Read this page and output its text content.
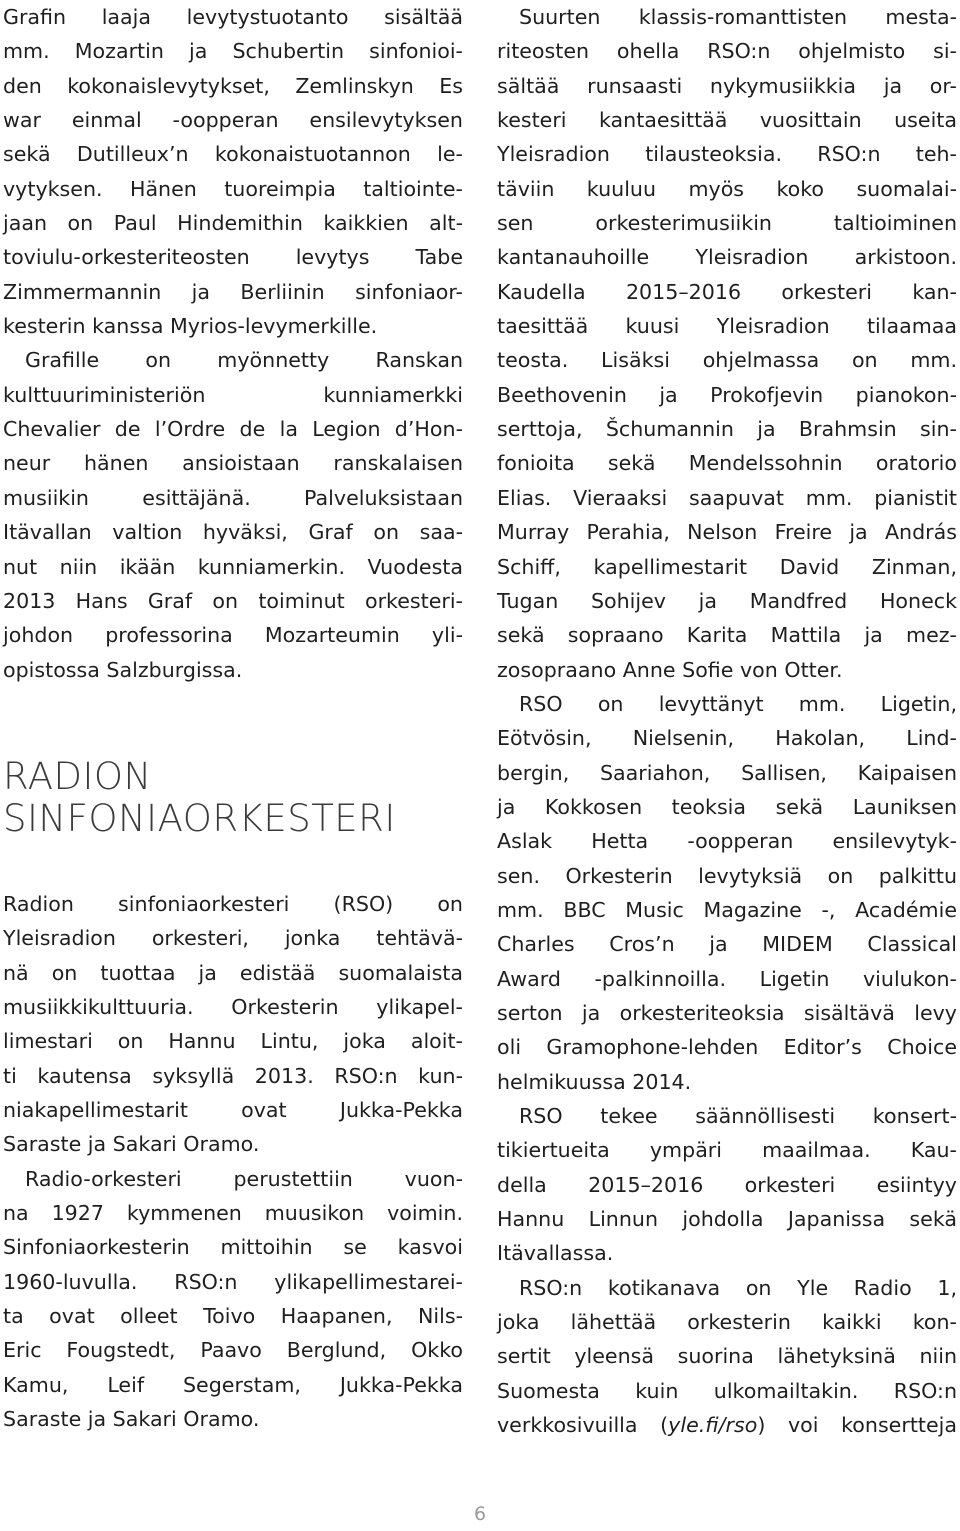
Grafin laaja levytystuotanto sisältää
mm. Mozartin ja Schubertin sinfonioi-
den kokonaislevytykset, Zemlinskyn Es
war einmal -oopperan ensilevytyksen
sekä Dutilleux’n kokonaistuotannon le-
vytyksen. Hänen tuoreimpia taltiointe-
jaan on Paul Hindemithin kaikkien alt-
toviulu-orkesteriteosten levytys Tabe
Zimmermannin ja Berliinin sinfoniaor-
kesterin kanssa Myrios-levymerkille.

Grafille on myönnetty Ranskan
kulttuuriministeriön kunniamerkki
Chevalier de l’Ordre de la Legion d’Hon-
neur hänen ansioistaan ranskalaisen
musiikin esittäjänä. Palveluksistaan
Itävallan valtion hyväksi, Graf on saa-
nut niin ikään kunniamerkin. Vuodesta
2013 Hans Graf on toiminut orkesteri-
johdon professorina Mozarteumin yli-
opistossa Salzburgissa.

RADION
SINFONIAORKESTERI

Radion sinfoniaorkesteri (RSO) on
Yleisradion orkesteri, jonka tehtävä-
nä on tuottaa ja edistää suomalaista
musiikkikulttuuria. Orkesterin ylikapel-
limestari on Hannu Lintu, joka aloit-
ti kautensa syksyllä 2013. RSO:n kun-
niakapellimestarit ovat Jukka-Pekka
Saraste ja Sakari Oramo.

Radio-orkesteri perustettiin vuon-
na 1927 kymmenen muusikon voimin.
Sinfoniaorkesterin mittoihin se kasvoi
1960-luvulla. RSO:n ylikapellimestarei-
ta ovat olleet Toivo Haapanen, Nils-
Eric Fougstedt, Paavo Berglund, Okko
Kamu, Leif Segerstam, Jukka-Pekka
Saraste ja Sakari Oramo.

Suurten klassis-romanttisten mesta-
riteosten ohella RSO:n ohjelmisto si-
sältää runsaasti nykymusiikkia ja or-
kesteri kantaesittää vuosittain useita
Yleisradion tilausteoksia. RSO:n teh-
täviin kuuluu myös koko suomalai-
sen orkesterimusiikin taltioiminen
kantanauhoille Yleisradion arkistoon.
Kaudella 2015–2016 orkesteri kan-
taesittää kuusi Yleisradion tilaamaa
teosta. Lisäksi ohjelmassa on mm.
Beethovenin ja Prokofjevin pianokon-
serttoja, Šchumannin ja Brahmsin sin-
fonioita sekä Mendelssohnin oratorio
Elias. Vieraaksi saapuvat mm. pianistit
Murray Perahia, Nelson Freire ja András
Schiff, kapellimestarit David Zinman,
Tugan Sohijev ja Mandfred Honeck
sekä sopraano Karita Mattila ja mez-
zosopraano Anne Sofie von Otter.

RSO on levyttänyt mm. Ligetin,
Eötvösin, Nielsenin, Hakolan, Lind-
bergin, Saariahon, Sallisen, Kaipaisen
ja Kokkosen teoksia sekä Launiksen
Aslak Hetta -oopperan ensilevytyk-
sen. Orkesterin levytyksiä on palkittu
mm. BBC Music Magazine -, Académie
Charles Cros’n ja MIDEM Classical
Award -palkinnoilla. Ligetin viulukon-
serton ja orkesteriteoksia sisältävä levy
oli Gramophone-lehden Editor’s Choice
helmikuussa 2014.

RSO tekee säännöllisesti konsert-
tikiertueita ympäri maailmaa. Kau-
della 2015–2016 orkesteri esiintyy
Hannu Linnun johdolla Japanissa sekä
Itävallassa.

RSO:n kotikanava on Yle Radio 1,
joka lähettää orkesterin kaikki kon-
sertit yleensä suorina lähetyksinä niin
Suomesta kuin ulkomailtakin. RSO:n
verkkosivuilla (yle.fi/rso) voi konsertteja

6
